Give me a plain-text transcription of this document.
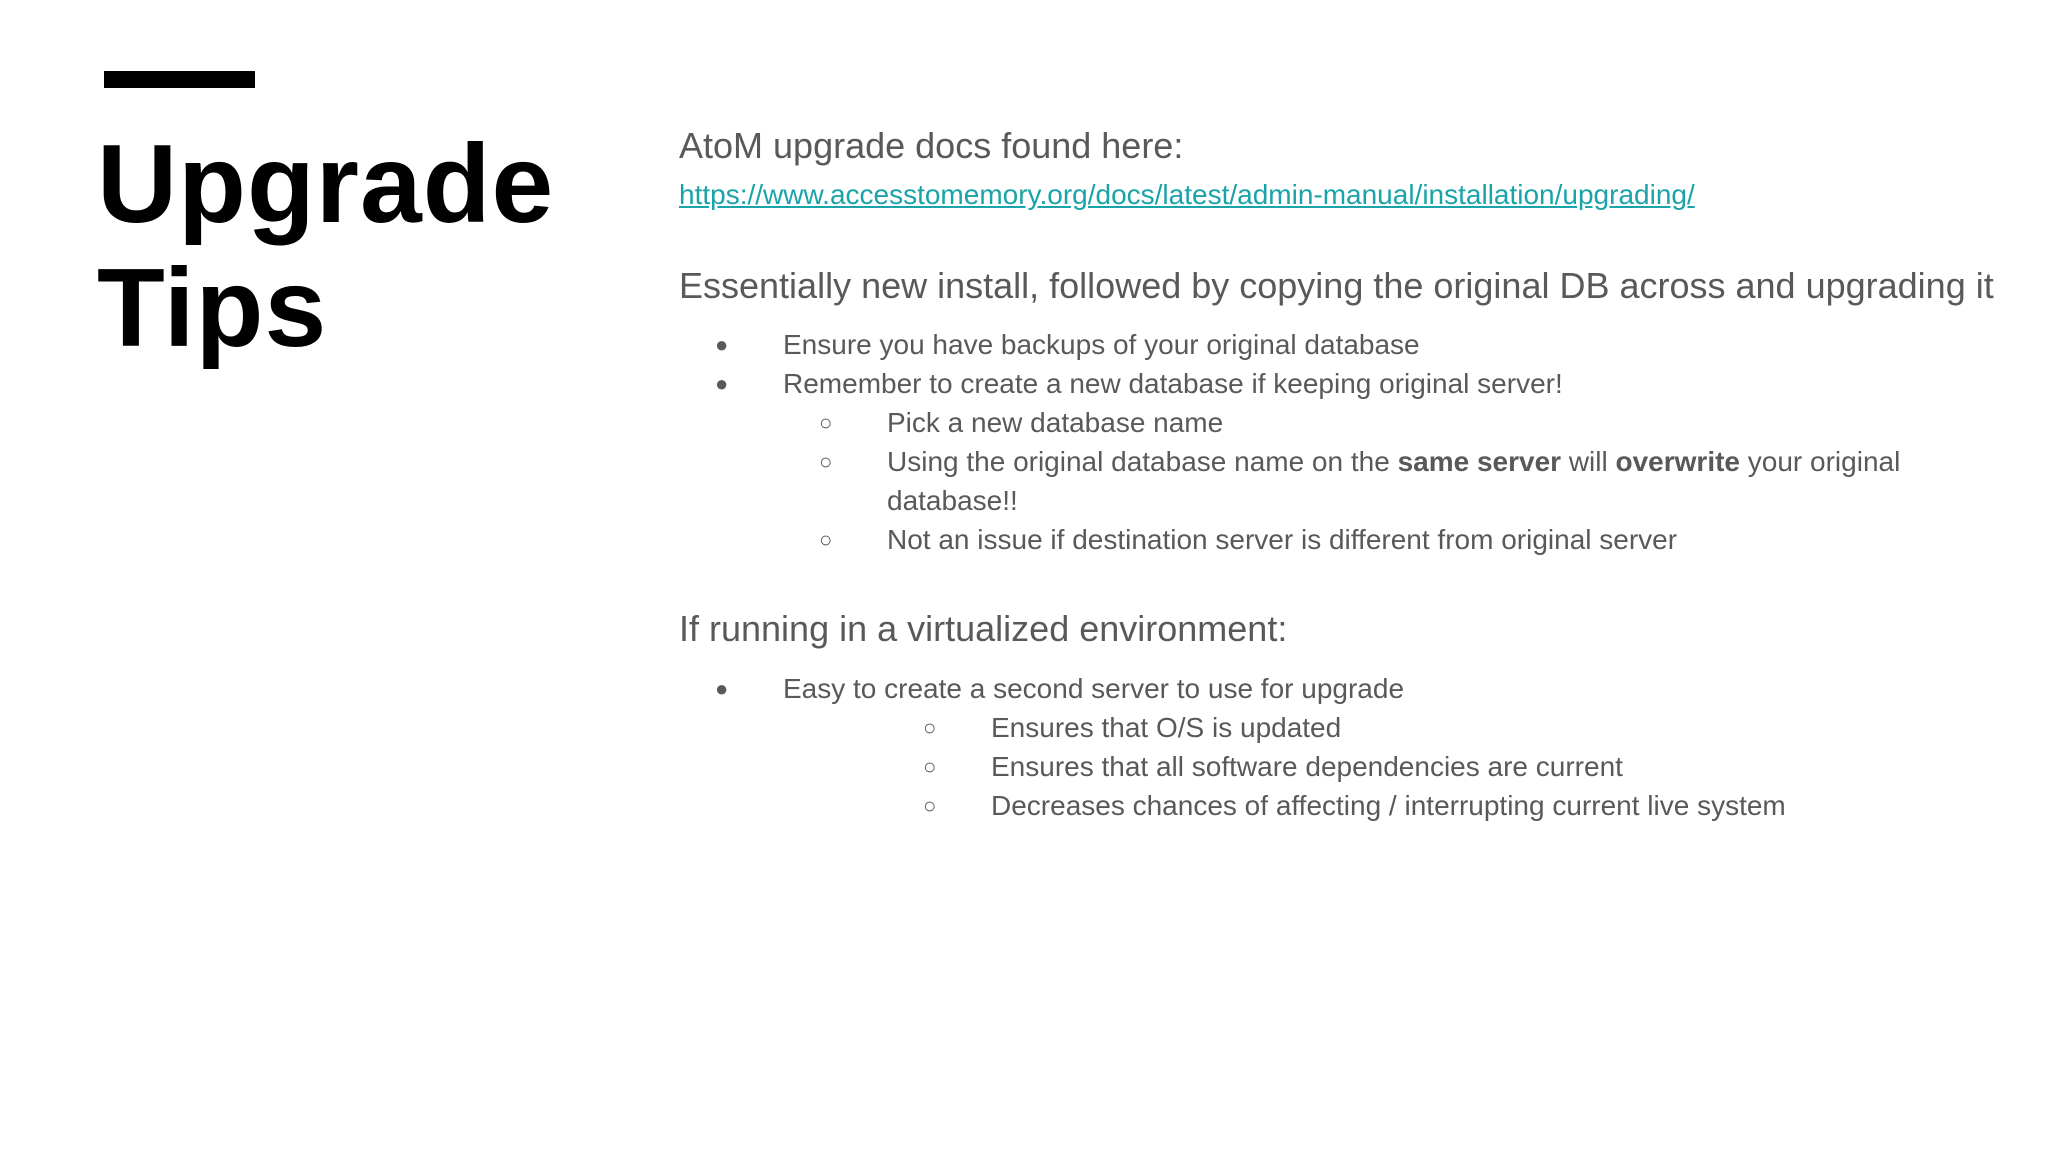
Upgrade
Tips
AtoM upgrade docs found here:
https://www.accesstomemory.org/docs/latest/admin-manual/installation/upgrading/
Essentially new install, followed by copying the original DB across and upgrading it
● Ensure you have backups of your original database
● Remember to create a new database if keeping original server!
○ Pick a new database name
○ Using the original database name on the same server will overwrite your original
database!!
○ Not an issue if destination server is different from original server
If running in a virtualized environment:
● Easy to create a second server to use for upgrade
○ Ensures that O/S is updated
○ Ensures that all software dependencies are current
○ Decreases chances of affecting / interrupting current live system
